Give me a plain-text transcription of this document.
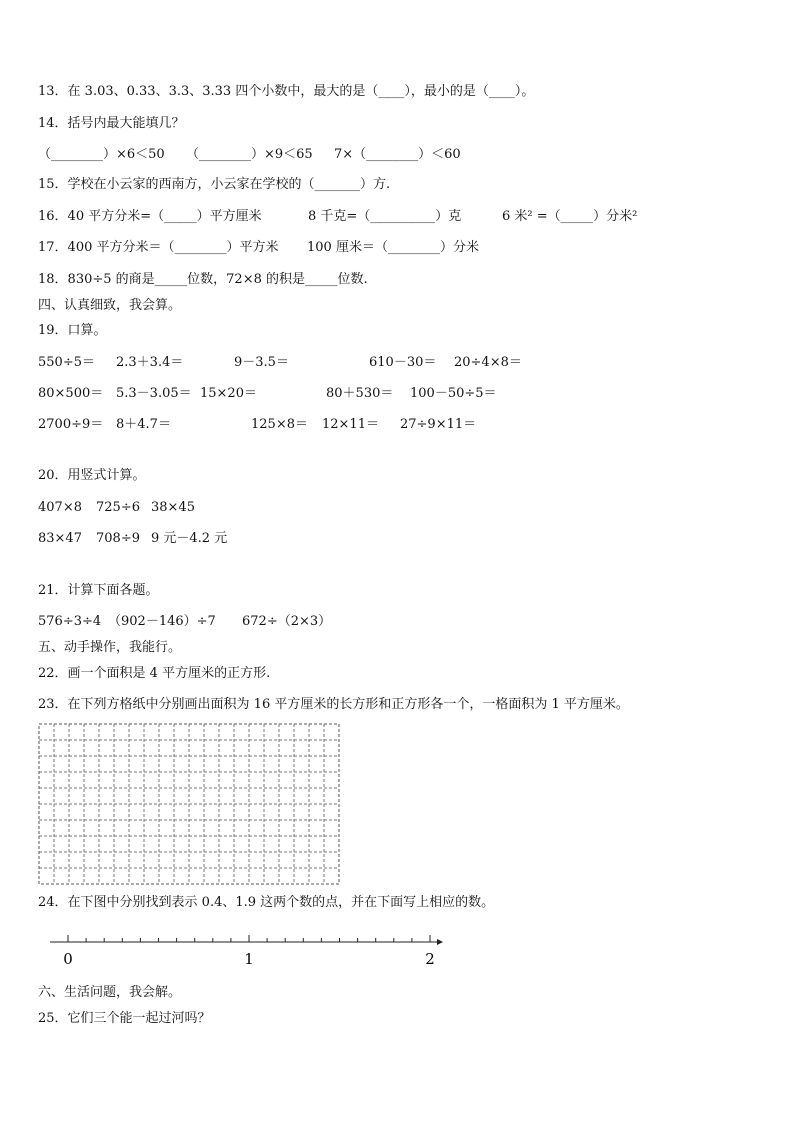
13．在 3.03、0.33、3.3、3.33 四个小数中，最大的是（____），最小的是（____）。
14．括号内最大能填几？
（________）×6＜50 （________）×9＜65 7×（________）＜60
15．学校在小云家的西南方，小云家在学校的（_______）方.
16．40 平方分米=（_____）平方厘米	8 千克=（__________）克	6 米² =（_____）分米²
17．400 平方分米＝（________）平方米 100 厘米＝（________）分米
18．830÷5 的商是_____位数，72×8 的积是_____位数.
四、认真细致，我会算。
19．口算。
550÷5＝ 2.3＋3.4＝	9－3.5＝	610－30＝ 20÷4×8＝
80×500＝ 5.3－3.05＝ 15×20＝	80＋530＝ 100－50÷5＝
2700÷9＝ 8＋4.7＝	125×8＝ 12×11＝ 27÷9×11＝
20．用竖式计算。
407×8 725÷6 38×45
83×47 708÷9 9 元－4.2 元
21．计算下面各题。
576÷3÷4 （902－146）÷7 672÷（2×3）
五、动手操作，我能行。
22．画一个面积是 4 平方厘米的正方形.
23．在下列方格纸中分别画出面积为 16 平方厘米的长方形和正方形各一个，一格面积为 1 平方厘米。
24．在下图中分别找到表示 0.4、1.9 这两个数的点，并在下面写上相应的数。
0	1	2
六、生活问题，我会解。
25．它们三个能一起过河吗？
